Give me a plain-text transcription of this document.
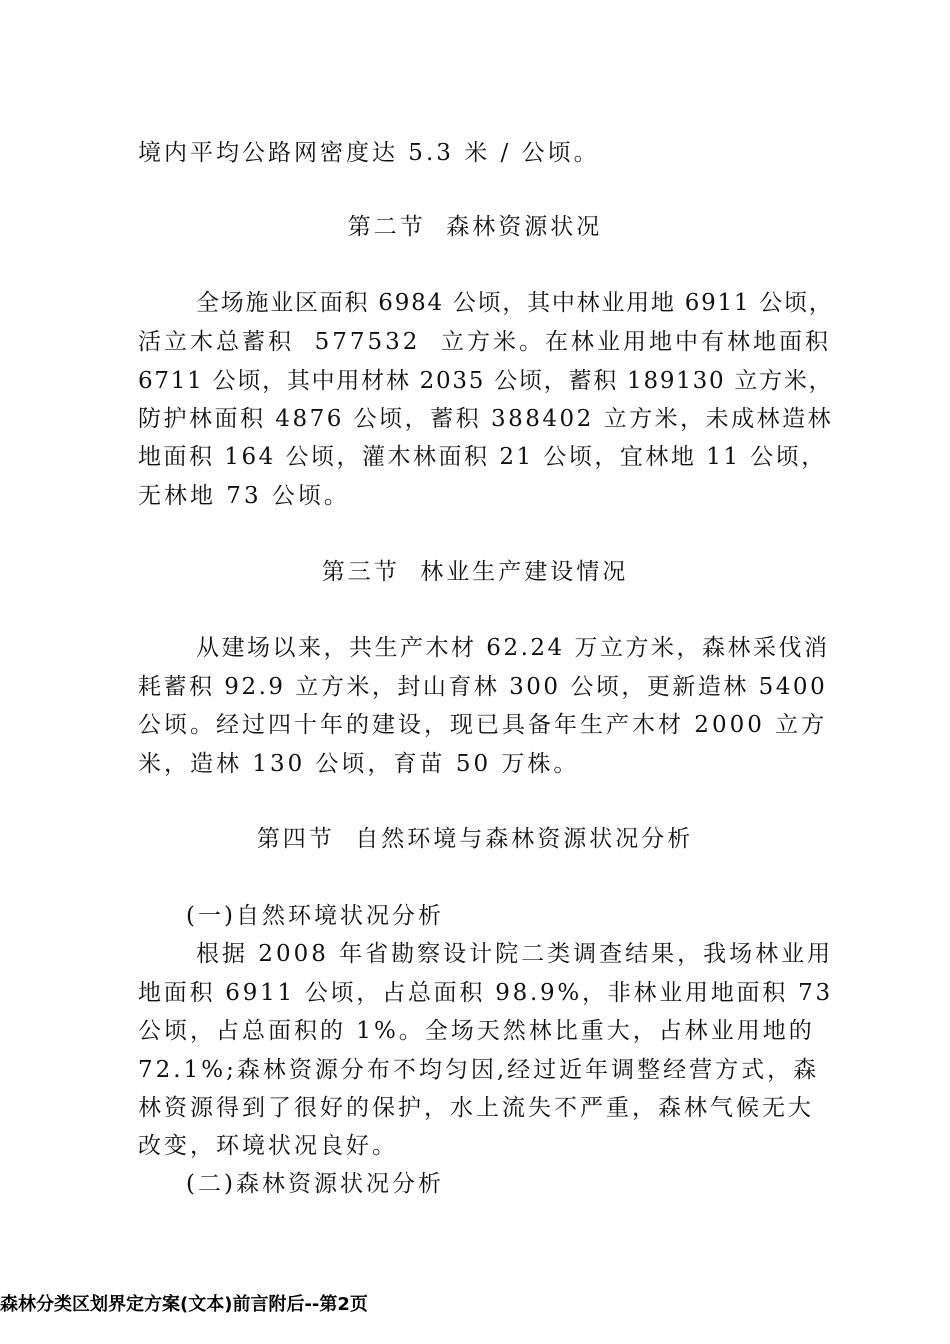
境内平均公路网密度达 5.3 米 / 公顷。
第二节  森林资源状况
全场施业区面积 6984 公顷，其中林业用地 6911 公顷，
活立木总蓄积  577532  立方米。在林业用地中有林地面积
6711 公顷，其中用材林 2035 公顷，蓄积 189130 立方米，
防护林面积 4876 公顷，蓄积 388402 立方米，未成林造林
地面积 164 公顷，灌木林面积 21 公顷，宜林地 11 公顷，
无林地 73 公顷。
第三节  林业生产建设情况
从建场以来，共生产木材 62.24 万立方米，森林采伐消
耗蓄积 92.9 立方米，封山育林 300 公顷，更新造林 5400
公顷。经过四十年的建设，现已具备年生产木材 2000 立方
米，造林 130 公顷，育苗 50 万株。
第四节  自然环境与森林资源状况分析
(一)自然环境状况分析
根据 2008 年省勘察设计院二类调查结果，我场林业用
地面积 6911 公顷，占总面积 98.9%，非林业用地面积 73
公顷，占总面积的 1%。全场天然林比重大，占林业用地的
72.1%;森林资源分布不均匀因,经过近年调整经营方式，森
林资源得到了很好的保护，水上流失不严重，森林气候无大
改变，环境状况良好。
(二)森林资源状况分析
森林分类区划界定方案(文本)前言附后--第2页
